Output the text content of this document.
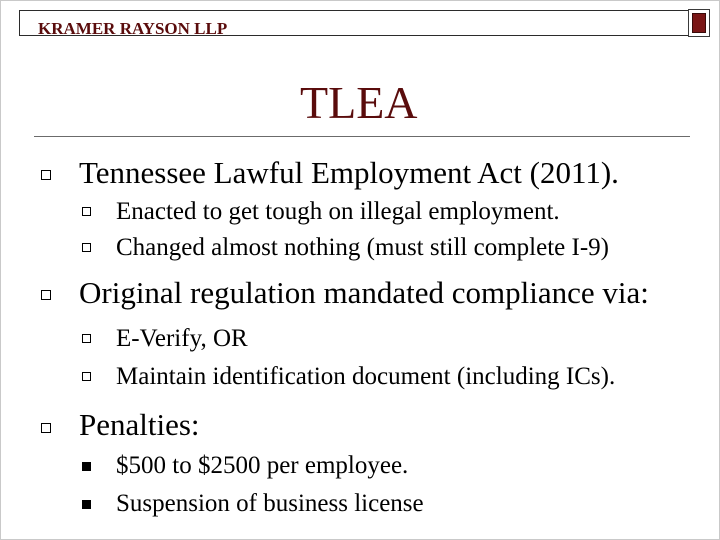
KRAMER RAYSON LLP
TLEA
Tennessee Lawful Employment Act (2011).
Enacted to get tough on illegal employment.
Changed almost nothing (must still complete I-9)
Original regulation mandated compliance via:
E-Verify, OR
Maintain identification document (including ICs).
Penalties:
$500 to $2500 per employee.
Suspension of business license
